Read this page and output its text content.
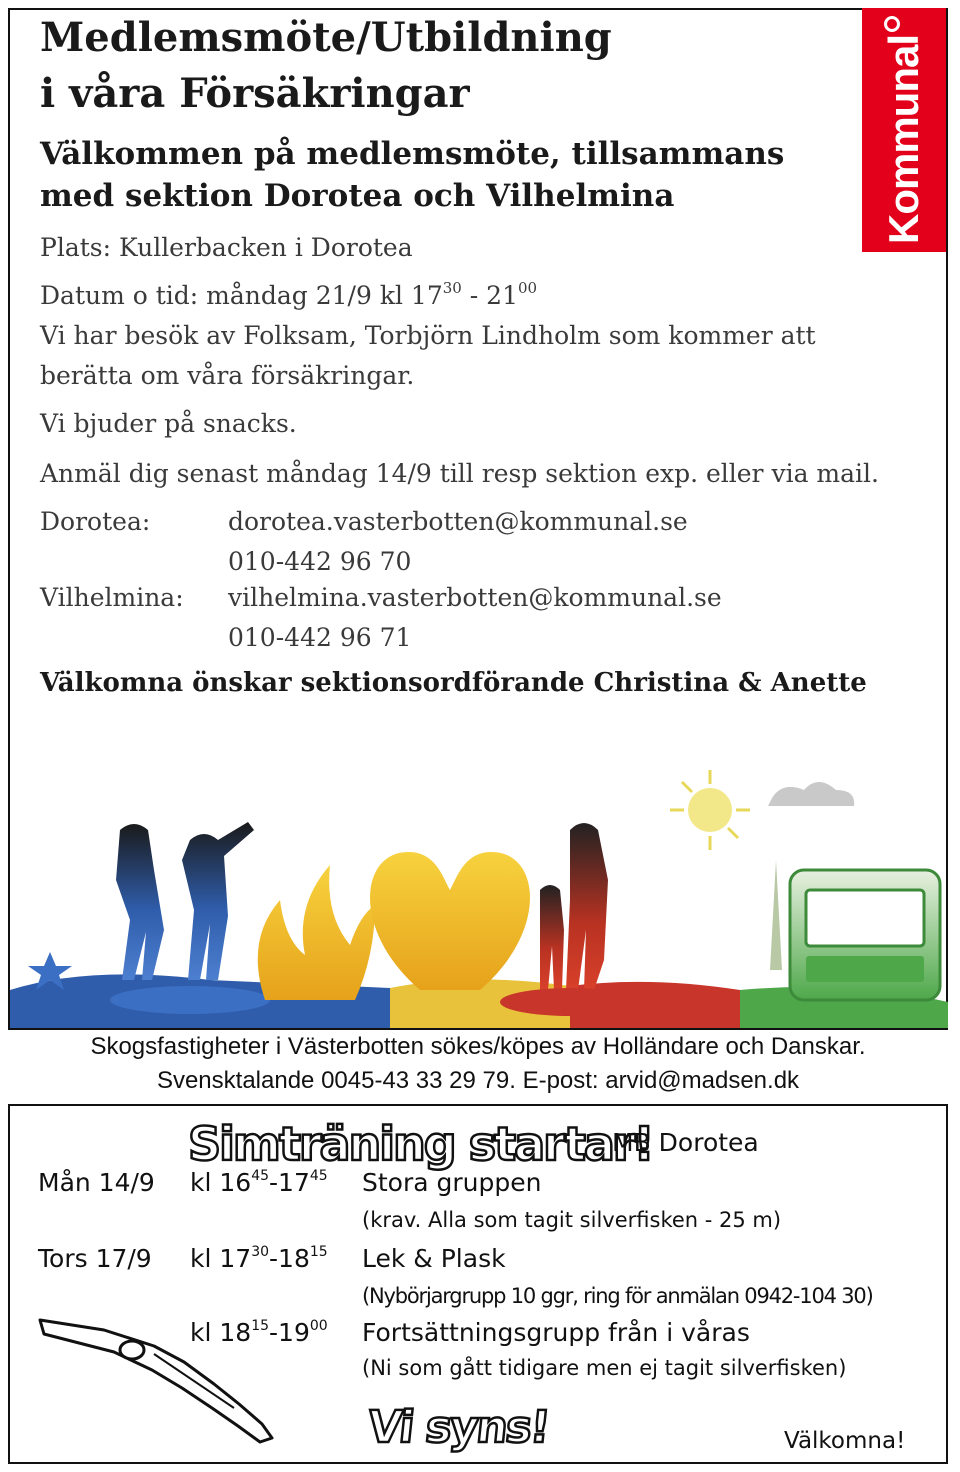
Kommunal
Medlemsmöte/Utbildning
i våra Försäkringar
Välkommen på medlemsmöte, tillsammans
med sektion Dorotea och Vilhelmina
Plats: Kullerbacken i Dorotea
Datum o tid: måndag 21/9 kl $17^{30} - 21^{00}$
Vi har besök av Folksam, Torbjörn Lindholm som kommer att
berätta om våra försäkringar.
Vi bjuder på snacks.
Anmäl dig senast måndag 14/9 till resp sektion exp. eller via mail.
Dorotea:	dorotea.vasterbotten@kommunal.se
010-442 96 70
Vilhelmina: vilhelmina.vasterbotten@kommunal.se
010-442 96 71
Välkomna önskar sektionsordförande Christina & Anette
Skogsfastigheter i Västerbotten sökes/köpes av Holländare och Danskar.
Svensktalande 0045-43 33 29 79. E-post: arvid@madsen.dk
Simträning startar!
MB Dorotea
Mån 14/9 kl $16^{45}-17^{45}$ Stora gruppen
(krav. Alla som tagit silverfisken - 25 m)
Tors 17/9 kl $17^{30}-18^{15}$ Lek & Plask
(Nybörjargrupp 10 ggr, ring för anmälan 0942-104 30)
kl $18^{15}-19^{00}$ Fortsättningsgrupp från i våras
(Ni som gått tidigare men ej tagit silverfisken)
Vi syns!	Välkomna!
